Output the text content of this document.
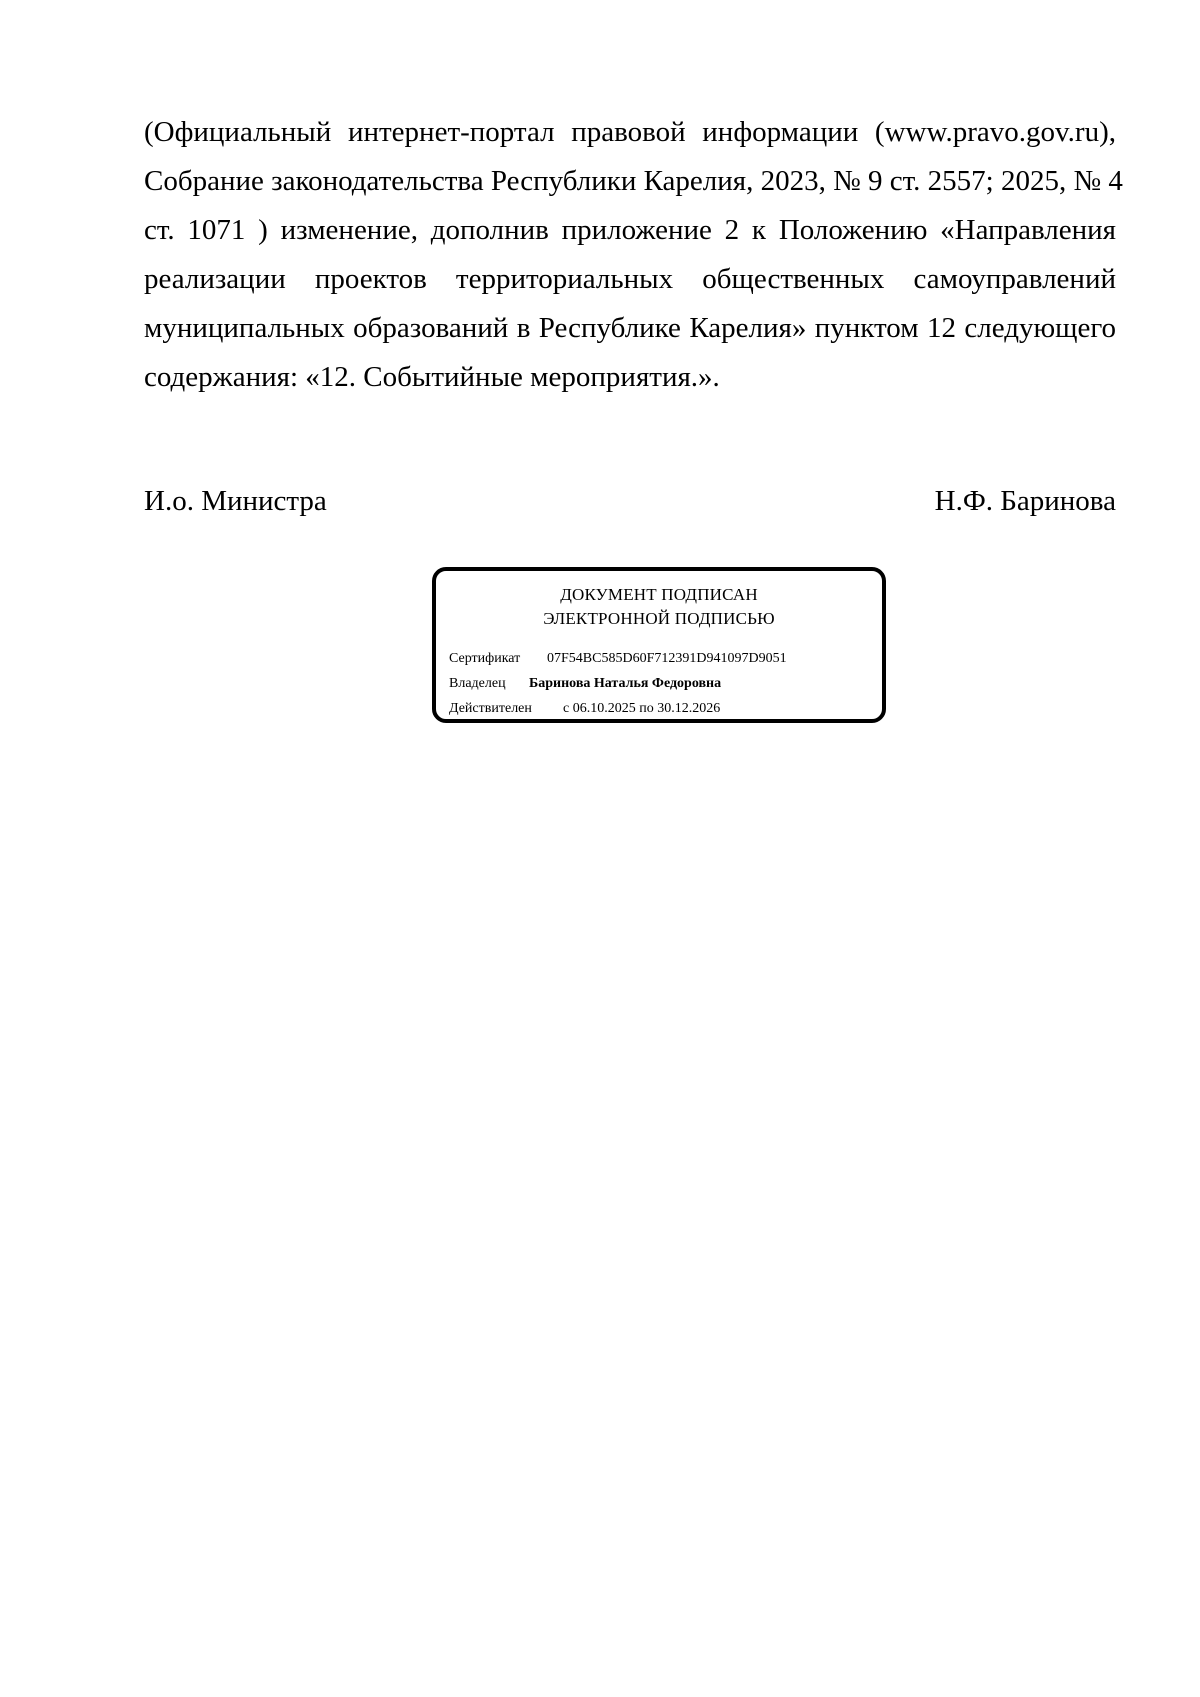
(Официальный интернет-портал правовой информации (www.pravo.gov.ru),
Собрание законодательства Республики Карелия, 2023, № 9 ст. 2557; 2025, № 4
ст. 1071 ) изменение, дополнив приложение 2 к Положению «Направления
реализации проектов территориальных общественных самоуправлений
муниципальных образований в Республике Карелия» пунктом 12 следующего
содержания: «12. Событийные мероприятия.».
И.о. Министра	Н.Ф. Баринова
ДОКУМЕНТ ПОДПИСАН
ЭЛЕКТРОННОЙ ПОДПИСЬЮ
Сертификат 07F54BC585D60F712391D941097D9051
Владелец Баринова Наталья Федоровна
Действителен с 06.10.2025 по 30.12.2026
